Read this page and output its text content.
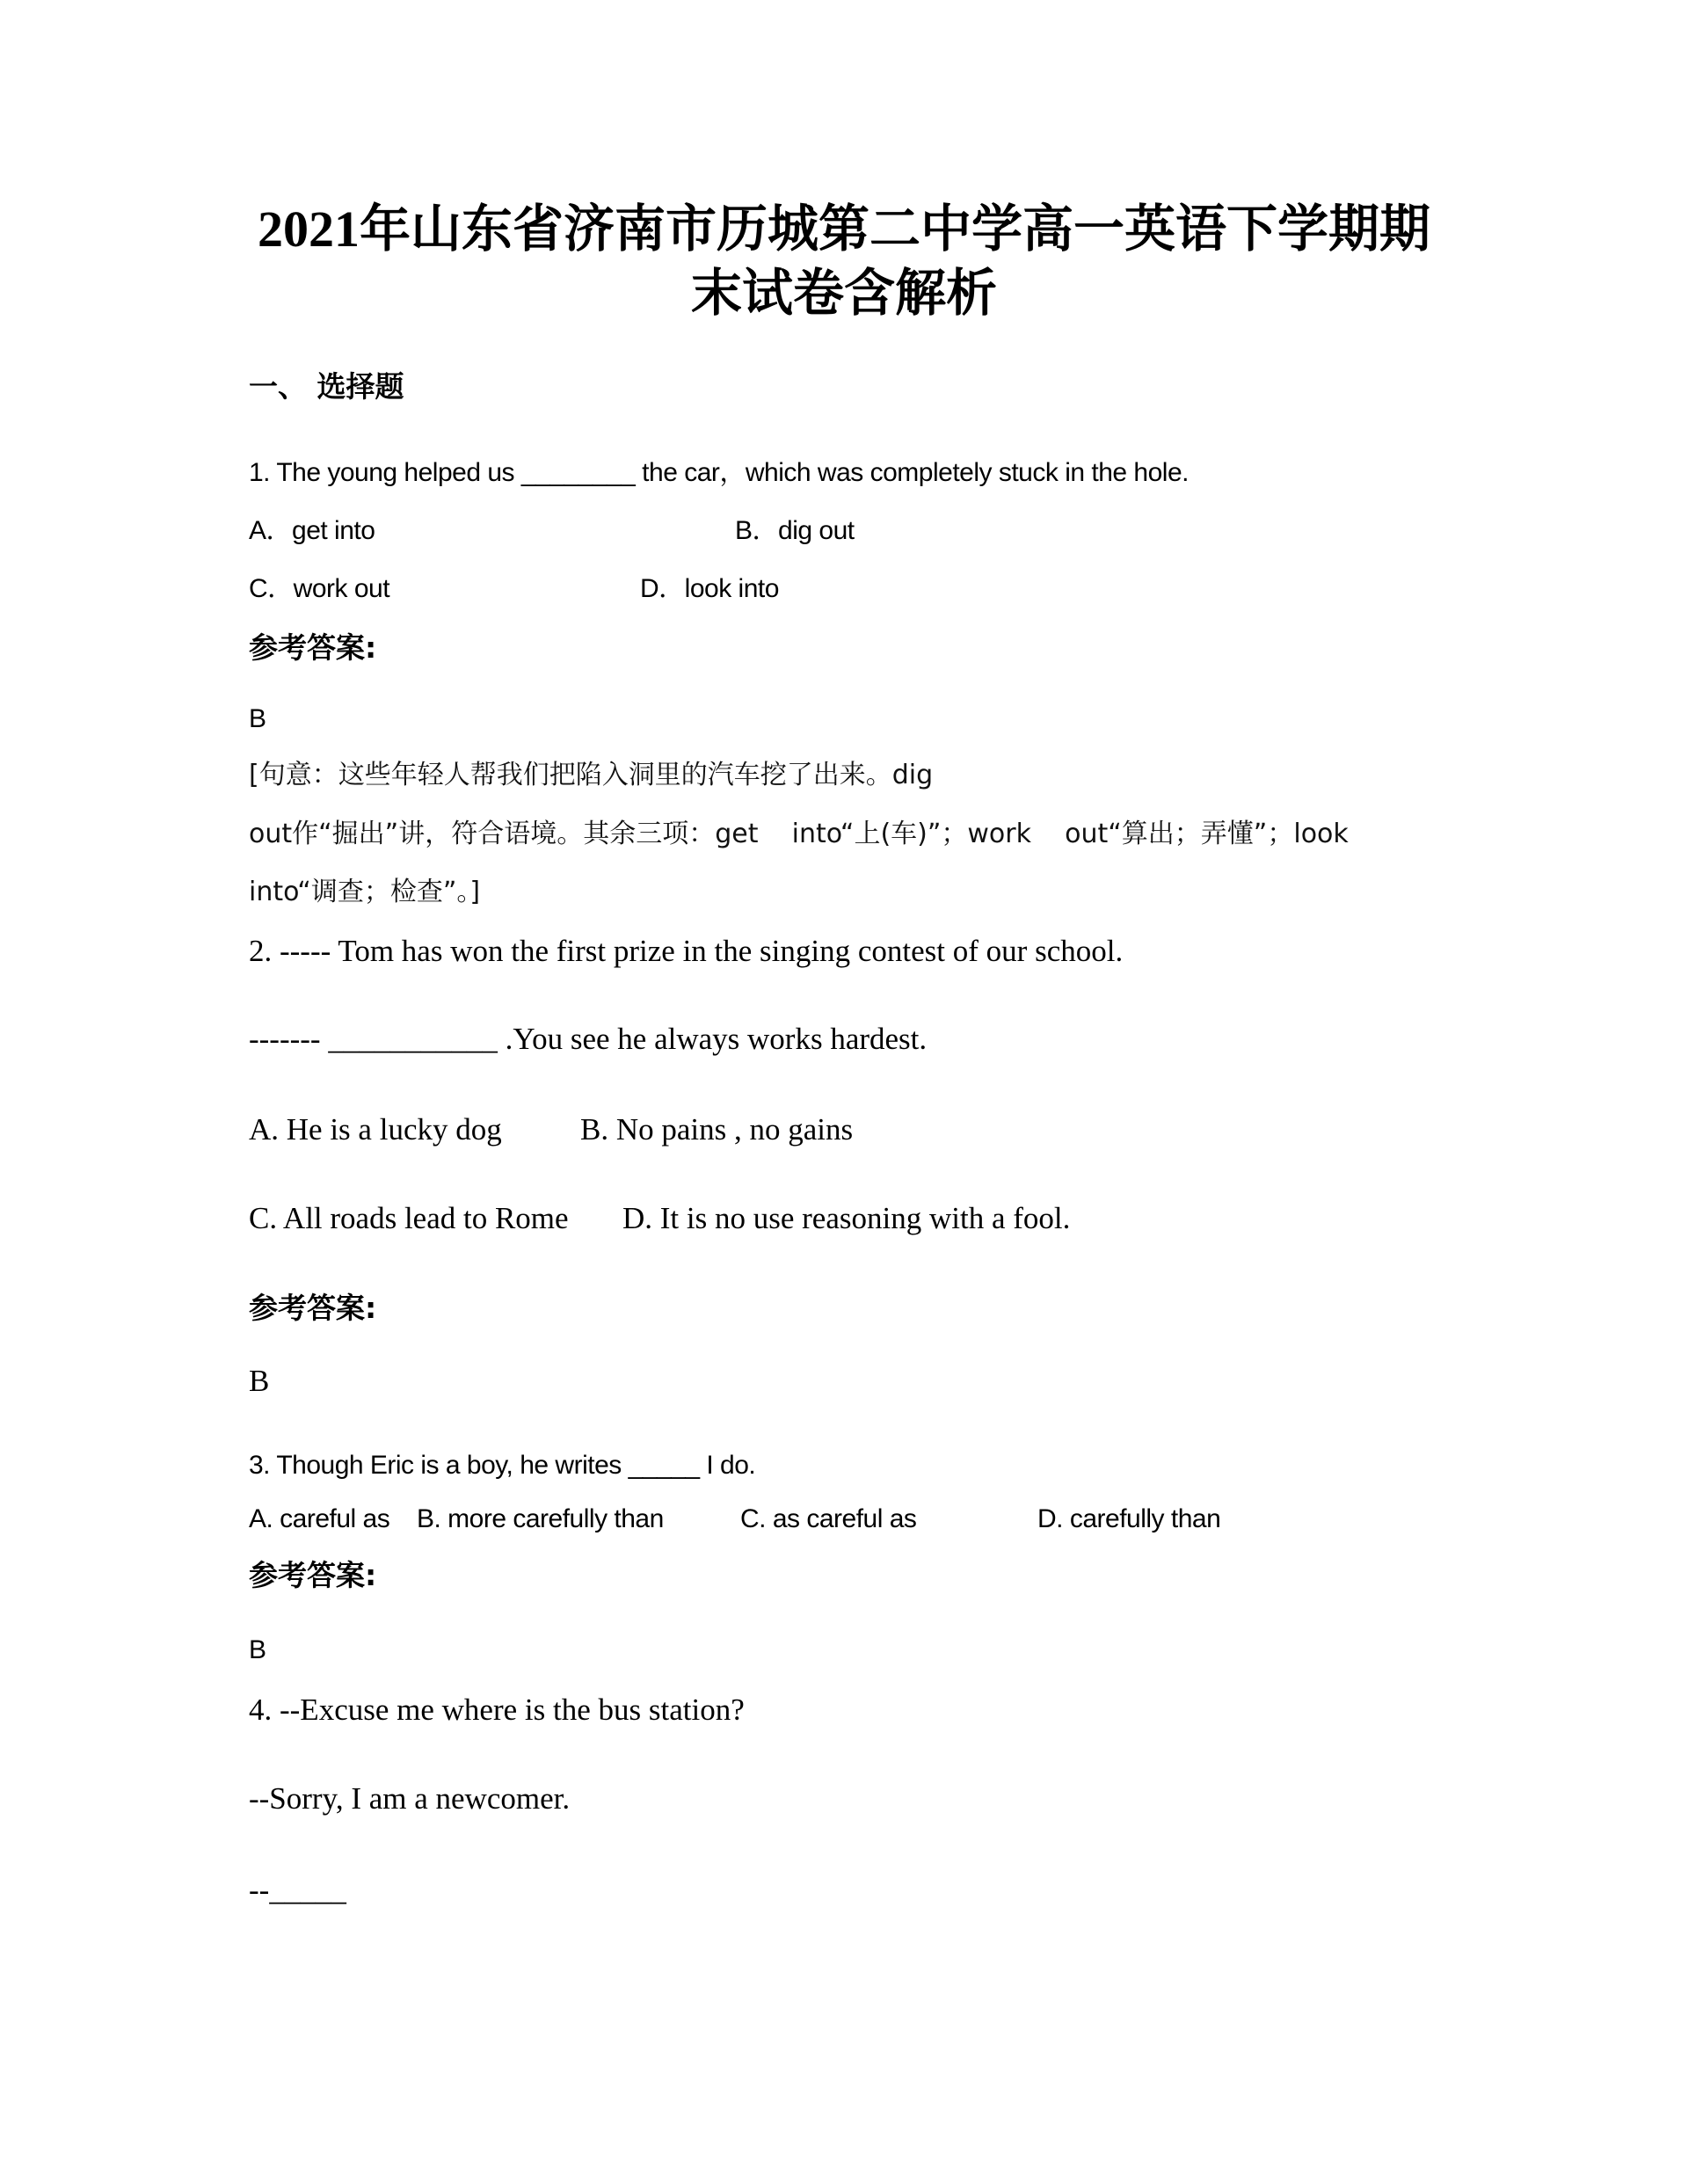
2021年山东省济南市历城第二中学高一英语下学期期
末试卷含解析
一、 选择题
1. The young helped us ________ the car，which was completely stuck in the hole.
A．get into	B．dig out
C．work out	D．look into
参考答案:
B
[句意：这些年轻人帮我们把陷入洞里的汽车挖了出来。dig
out作“掘出”讲，符合语境。其余三项：get    into“上(车)”；work    out“算出；弄懂”；look
into“调查；检查”。]
2. ----- Tom has won the first prize in the singing contest of our school.
------- ___________ .You see he always works hardest.
A. He is a lucky dog	B. No pains , no gains
C. All roads lead to Rome D. It is no use reasoning with a fool.
参考答案:
B
3. Though Eric is a boy, he writes _____ I do.
A. careful as B. more carefully than	C. as careful as	D. carefully than
参考答案:
B
4. --Excuse me where is the bus station?
--Sorry, I am a newcomer.
--_____
